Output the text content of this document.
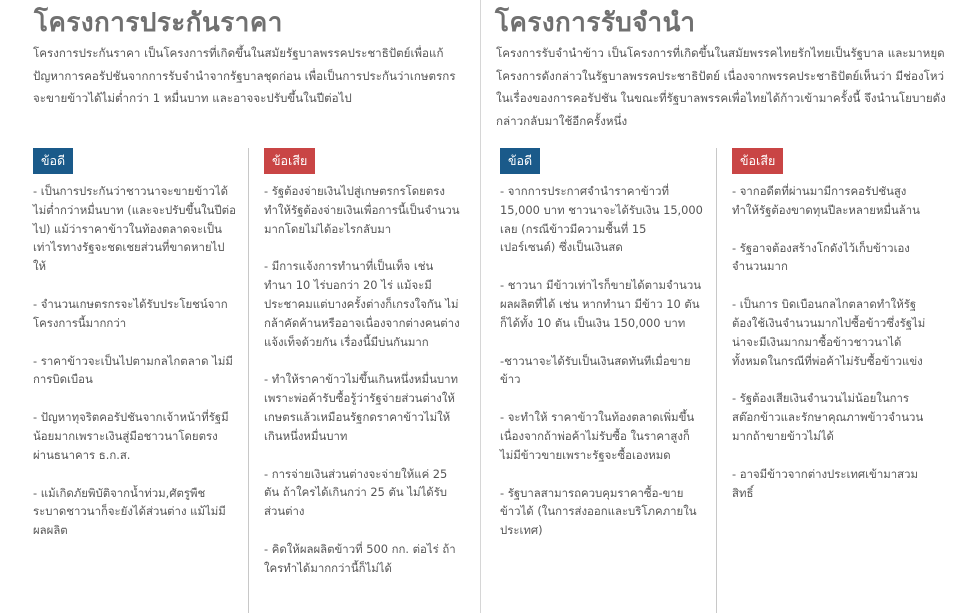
โครงการประกันราคา

โครงการประกันราคา เป็นโครงการที่เกิดขึ้นในสมัยรัฐบาลพรรคประชาธิปัตย์เพื่อแก้ปัญหาการคอรัปชันจากการรับจำนำจากรัฐบาลชุดก่อน เพื่อเป็นการประกันว่าเกษตรกรจะขายข้าวได้ไม่ต่ำกว่า 1 หมื่นบาท และอาจจะปรับขึ้นในปีต่อไป

ข้อดี
- เป็นการประกันว่าชาวนาจะขายข้าวได้ไม่ต่ำกว่าหมื่นบาท (และจะปรับขึ้นในปีต่อไป) แม้ว่าราคาข้าวในท้องตลาดจะเป็นเท่าไรทางรัฐจะชดเชยส่วนที่ขาดหายไปให้
- จำนวนเกษตรกรจะได้รับประโยชน์จากโครงการนี้มากกว่า
- ราคาข้าวจะเป็นไปตามกลไกตลาด ไม่มีการบิดเบือน
- ปัญหาทุจริตคอรัปชันจากเจ้าหน้าที่รัฐมีน้อยมากเพราะเงินสู่มือชาวนาโดยตรงผ่านธนาคาร ธ.ก.ส.
- แม้เกิดภัยพิบัติจากน้ำท่วม,ศัตรูพืชระบาดชาวนาก็จะยังได้ส่วนต่าง แม้ไม่มีผลผลิต
ข้อเสีย
- รัฐต้องจ่ายเงินไปสู่เกษตรกรโดยตรงทำให้รัฐต้องจ่ายเงินเพื่อการนี้เป็นจำนวนมากโดยไม่ได้อะไรกลับมา
- มีการแจ้งการทำนาที่เป็นเท็จ เช่น ทำนา 10 ไร่บอกว่า 20 ไร่ แม้จะมีประชาคมแต่บางครั้งต่างก็เกรงใจกัน ไม่กล้าคัดค้านหรืออาจเนื่องจากต่างคนต่างแจ้งเท็จด้วยกัน เรื่องนี้มีบ่นกันมาก
- ทำให้ราคาข้าวไม่ขึ้นเกินหนึ่งหมื่นบาทเพราะพ่อค้ารับซื้อรู้ว่ารัฐจ่ายส่วนต่างให้เกษตรแล้วเหมือนรัฐกดราคาข้าวไม่ให้เกินหนึ่งหมื่นบาท
- การจ่ายเงินส่วนต่างจะจ่ายให้แค่ 25 ตัน ถ้าใครได้เกินกว่า 25 ตัน ไม่ได้รับส่วนต่าง
- คิดให้ผลผลิตข้าวที่ 500 กก. ต่อไร่ ถ้าใครทำได้มากกว่านี้ก็ไม่ได้
โครงการรับจำนำ

โครงการรับจำนำข้าว เป็นโครงการที่เกิดขึ้นในสมัยพรรคไทยรักไทยเป็นรัฐบาล และมาหยุดโครงการดังกล่าวในรัฐบาลพรรคประชาธิปัตย์ เนื่องจากพรรคประชาธิปัตย์เห็นว่า มีช่องโหว่ในเรื่องของการคอรัปชัน ในขณะที่รัฐบาลพรรคเพื่อไทยได้ก้าวเข้ามาครั้งนี้ จึงนำนโยบายดังกล่าวกลับมาใช้อีกครั้งหนึ่ง

ข้อดี
- จากการประกาศจำนำราคาข้าวที่ 15,000 บาท ชาวนาจะได้รับเงิน 15,000 เลย (กรณีข้าวมีความชื้นที่ 15 เปอร์เซนต์) ซึ่งเป็นเงินสด
- ชาวนา มีข้าวเท่าไรก็ขายได้ตามจำนวนผลผลิตที่ได้ เช่น หากทำนา มีข้าว 10 ตัน ก็ได้ทั้ง 10 ตัน เป็นเงิน 150,000 บาท
-ชาวนาจะได้รับเป็นเงินสดทันทีเมื่อขายข้าว
- จะทำให้ ราคาข้าวในท้องตลาดเพิ่มขึ้น เนื่องจากถ้าพ่อค้าไม่รับซื้อ ในราคาสูงก็ไม่มีข้าวขายเพราะรัฐจะซื้อเองหมด
- รัฐบาลสามารถควบคุมราคาซื้อ-ขายข้าวได้ (ในการส่งออกและบริโภคภายในประเทศ)
ข้อเสีย
- จากอดีตที่ผ่านมามีการคอรัปชันสูง ทำให้รัฐต้องขาดทุนปีละหลายหมื่นล้าน
- รัฐอาจต้องสร้างโกดังไว้เก็บข้าวเองจำนวนมาก
- เป็นการ บิดเบือนกลไกตลาดทำให้รัฐต้องใช้เงินจำนวนมากไปซื้อข้าวซึ่งรัฐไม่น่าจะมีเงินมากมาซื้อข้าวชาวนาได้ทั้งหมดในกรณีที่พ่อค้าไม่รับซื้อข้าวแข่ง
- รัฐต้องเสียเงินจำนวนไม่น้อยในการสต๊อกข้าวและรักษาคุณภาพข้าวจำนวนมากถ้าขายข้าวไม่ได้
- อาจมีข้าวจากต่างประเทศเข้ามาสวมสิทธิ์
